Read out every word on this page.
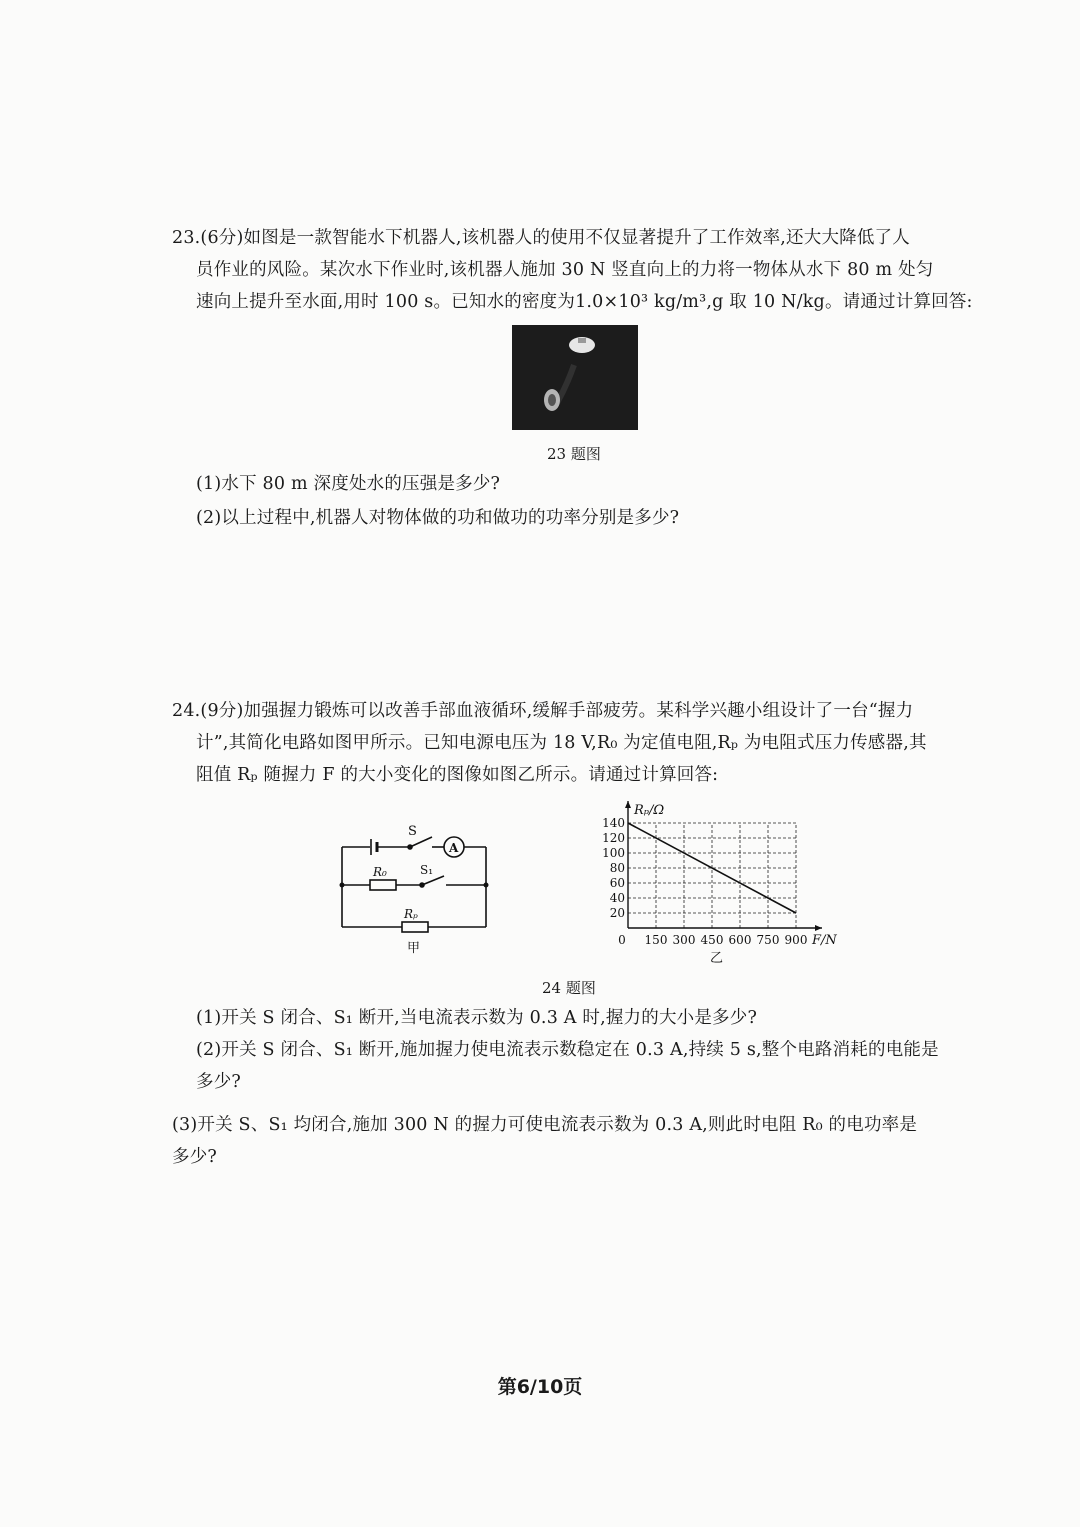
23.(6分)如图是一款智能水下机器人,该机器人的使用不仅显著提升了工作效率,还大大降低了人
员作业的风险。某次水下作业时,该机器人施加 30 N 竖直向上的力将一物体从水下 80 m 处匀
速向上提升至水面,用时 100 s。已知水的密度为1.0×10³ kg/m³,g 取 10 N/kg。请通过计算回答:
23 题图
(1)水下 80 m 深度处水的压强是多少?
(2)以上过程中,机器人对物体做的功和做功的功率分别是多少?
24.(9分)加强握力锻炼可以改善手部血液循环,缓解手部疲劳。某科学兴趣小组设计了一台“握力
计”,其简化电路如图甲所示。已知电源电压为 18 V,R₀ 为定值电阻,Rₚ 为电阻式压力传感器,其
阻值 Rₚ 随握力 F 的大小变化的图像如图乙所示。请通过计算回答:
S
A
R₀	S₁
Rₚ
甲
20
40
60
80
100
120
140
0 150 300 450 600 750 900
Rₚ/Ω
F/N
乙
24 题图
(1)开关 S 闭合、S₁ 断开,当电流表示数为 0.3 A 时,握力的大小是多少?
(2)开关 S 闭合、S₁ 断开,施加握力使电流表示数稳定在 0.3 A,持续 5 s,整个电路消耗的电能是
多少?
(3)开关 S、S₁ 均闭合,施加 300 N 的握力可使电流表示数为 0.3 A,则此时电阻 R₀ 的电功率是
多少?
第6/10页
